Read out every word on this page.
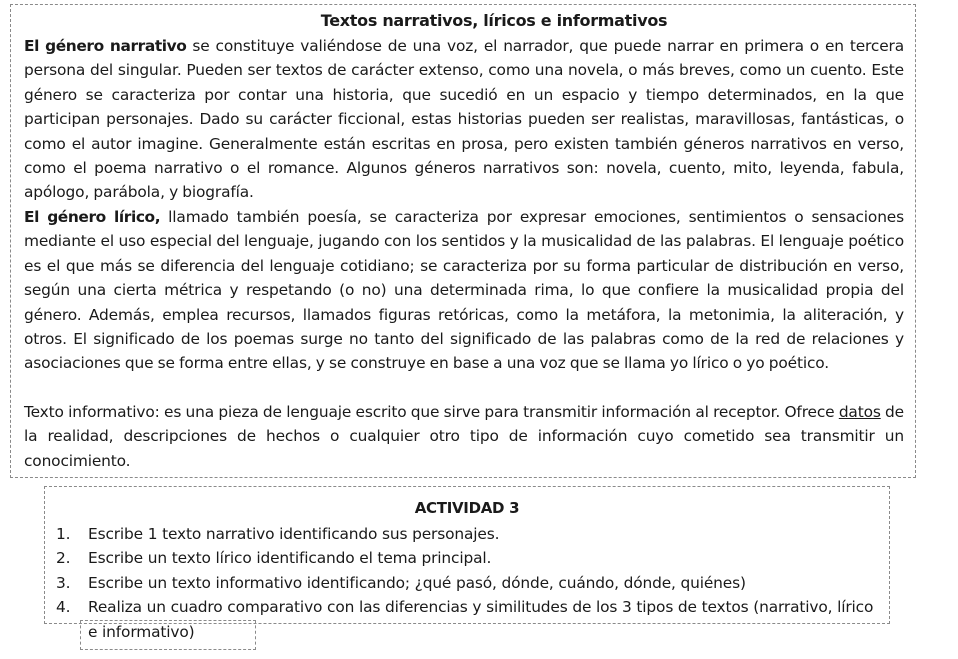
Textos narrativos, líricos e informativos
El género narrativo se constituye valiéndose de una voz, el narrador, que puede narrar en primera o en tercera persona del singular. Pueden ser textos de carácter extenso, como una novela, o más breves, como un cuento. Este género se caracteriza por contar una historia, que sucedió en un espacio y tiempo determinados, en la que participan personajes. Dado su carácter ficcional, estas historias pueden ser realistas, maravillosas, fantásticas, o como el autor imagine. Generalmente están escritas en prosa, pero existen también géneros narrativos en verso, como el poema narrativo o el romance. Algunos géneros narrativos son: novela, cuento, mito, leyenda, fabula, apólogo, parábola, y biografía.
El género lírico, llamado también poesía, se caracteriza por expresar emociones, sentimientos o sensaciones mediante el uso especial del lenguaje, jugando con los sentidos y la musicalidad de las palabras. El lenguaje poético es el que más se diferencia del lenguaje cotidiano; se caracteriza por su forma particular de distribución en verso, según una cierta métrica y respetando (o no) una determinada rima, lo que confiere la musicalidad propia del género. Además, emplea recursos, llamados figuras retóricas, como la metáfora, la metonimia, la aliteración, y otros. El significado de los poemas surge no tanto del significado de las palabras como de la red de relaciones y asociaciones que se forma entre ellas, y se construye en base a una voz que se llama yo lírico o yo poético.
Texto informativo: es una pieza de lenguaje escrito que sirve para transmitir información al receptor. Ofrece datos de la realidad, descripciones de hechos o cualquier otro tipo de información cuyo cometido sea transmitir un conocimiento.
ACTIVIDAD 3
1.	Escribe 1 texto narrativo identificando sus personajes.
2.	Escribe un texto lírico identificando el tema principal.
3.	Escribe un texto informativo identificando; ¿qué pasó, dónde, cuándo, dónde, quiénes)
4.	Realiza un cuadro comparativo con las diferencias y similitudes de los 3 tipos de textos (narrativo, lírico e informativo)
